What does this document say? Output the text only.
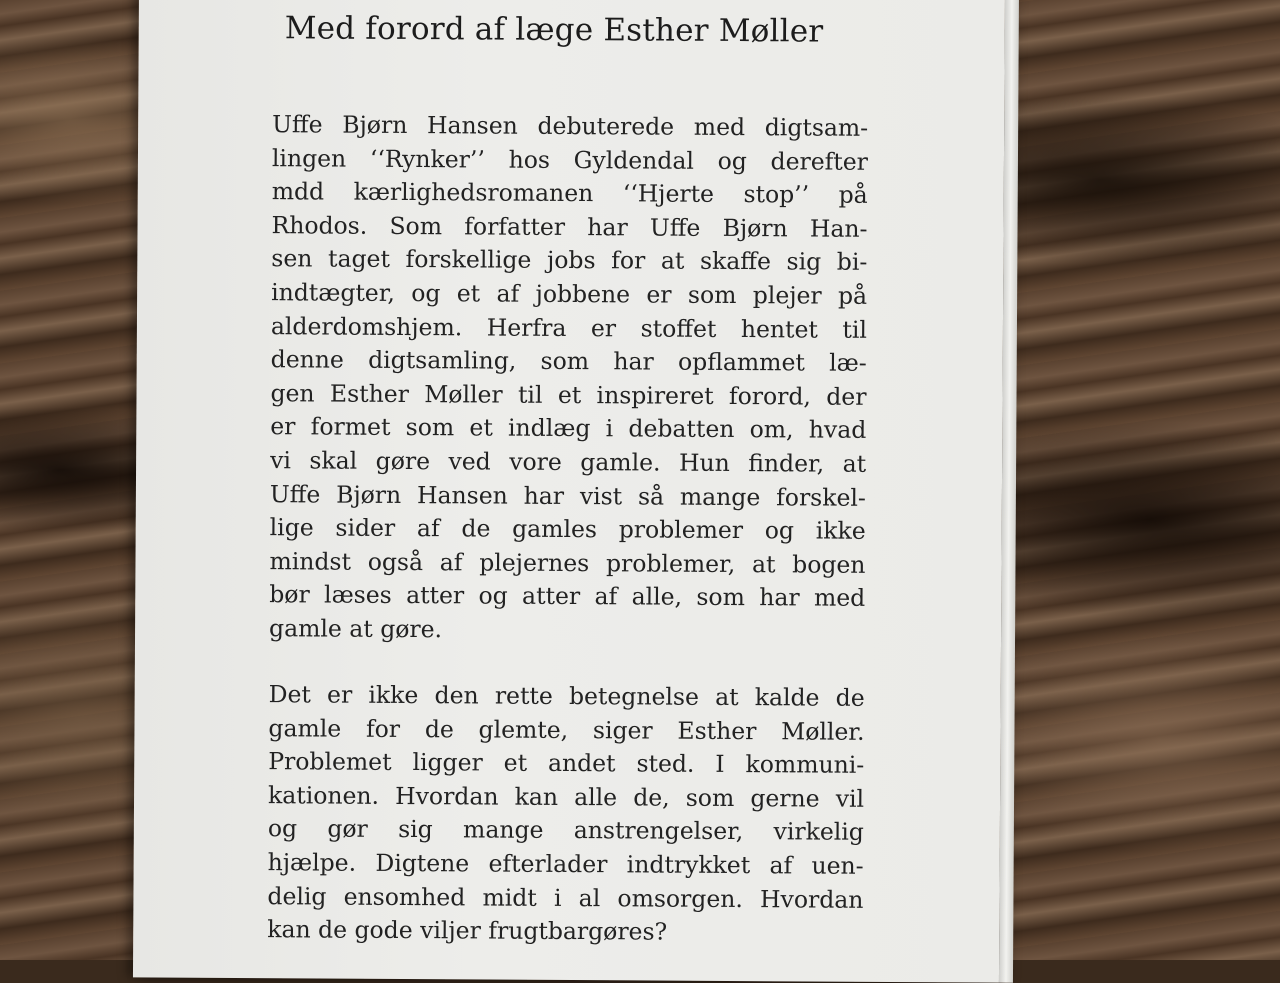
Med forord af læge Esther Møller

Uffe Bjørn Hansen debuterede med digtsam-
lingen ‘‘Rynker’’ hos Gyldendal og derefter
mdd kærlighedsromanen ‘‘Hjerte stop’’ på
Rhodos. Som forfatter har Uffe Bjørn Han-
sen taget forskellige jobs for at skaffe sig bi-
indtægter, og et af jobbene er som plejer på
alderdomshjem. Herfra er stoffet hentet til
denne digtsamling, som har opflammet læ-
gen Esther Møller til et inspireret forord, der
er formet som et indlæg i debatten om, hvad
vi skal gøre ved vore gamle. Hun finder, at
Uffe Bjørn Hansen har vist så mange forskel-
lige sider af de gamles problemer og ikke
mindst også af plejernes problemer, at bogen
bør læses atter og atter af alle, som har med
gamle at gøre.

Det er ikke den rette betegnelse at kalde de
gamle for de glemte, siger Esther Møller.
Problemet ligger et andet sted. I kommuni-
kationen. Hvordan kan alle de, som gerne vil
og gør sig mange anstrengelser, virkelig
hjælpe. Digtene efterlader indtrykket af uen-
delig ensomhed midt i al omsorgen. Hvordan
kan de gode viljer frugtbargøres?
